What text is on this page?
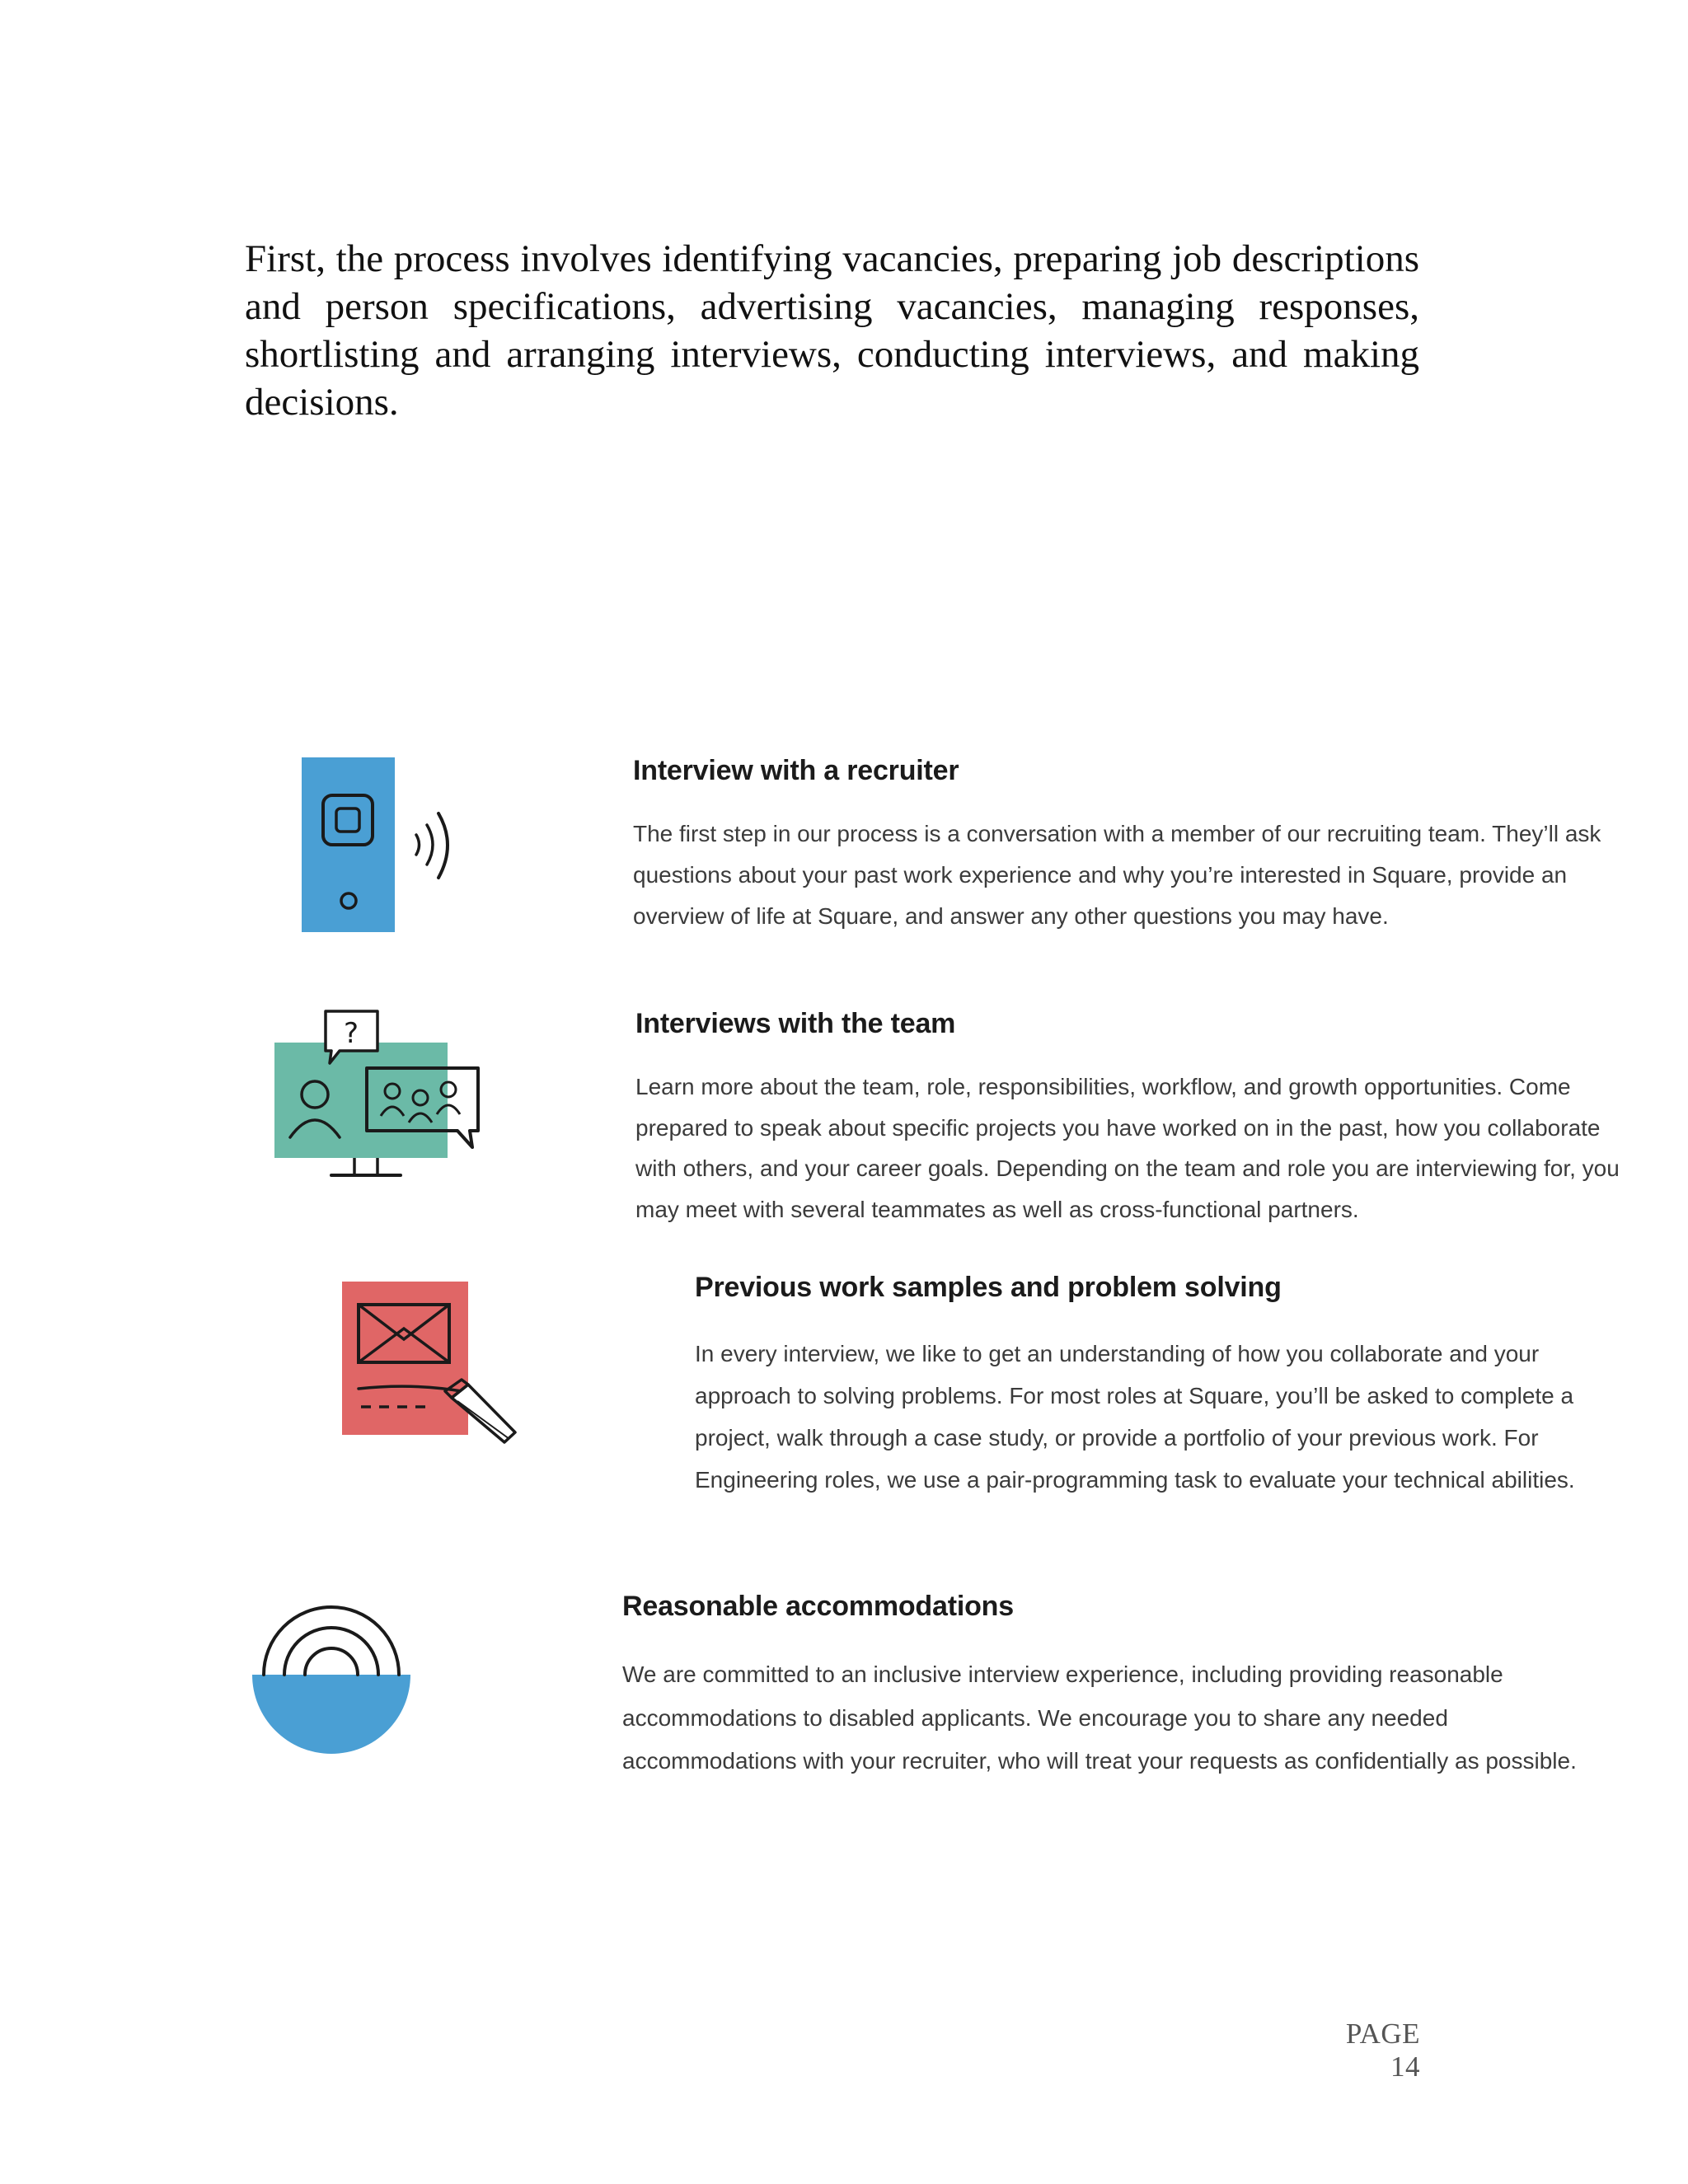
First, the process involves identifying vacancies, preparing job descriptions and person specifications, advertising vacancies, managing responses, shortlisting and arranging interviews, conducting interviews, and making decisions.

?
Interview with a recruiter

The first step in our process is a conversation with a member of our recruiting team. They’ll ask questions about your past work experience and why you’re interested in Square, provide an overview of life at Square, and answer any other questions you may have.

Interviews with the team

Learn more about the team, role, responsibilities, workflow, and growth opportunities. Come prepared to speak about specific projects you have worked on in the past, how you collaborate with others, and your career goals. Depending on the team and role you are interviewing for, you may meet with several teammates as well as cross-functional partners.

Previous work samples and problem solving

In every interview, we like to get an understanding of how you collaborate and your approach to solving problems. For most roles at Square, you’ll be asked to complete a project, walk through a case study, or provide a portfolio of your previous work. For Engineering roles, we use a pair-programming task to evaluate your technical abilities.

Reasonable accommodations

We are committed to an inclusive interview experience, including providing reasonable accommodations to disabled applicants. We encourage you to share any needed accommodations with your recruiter, who will treat your requests as confidentially as possible.

PAGE 14
